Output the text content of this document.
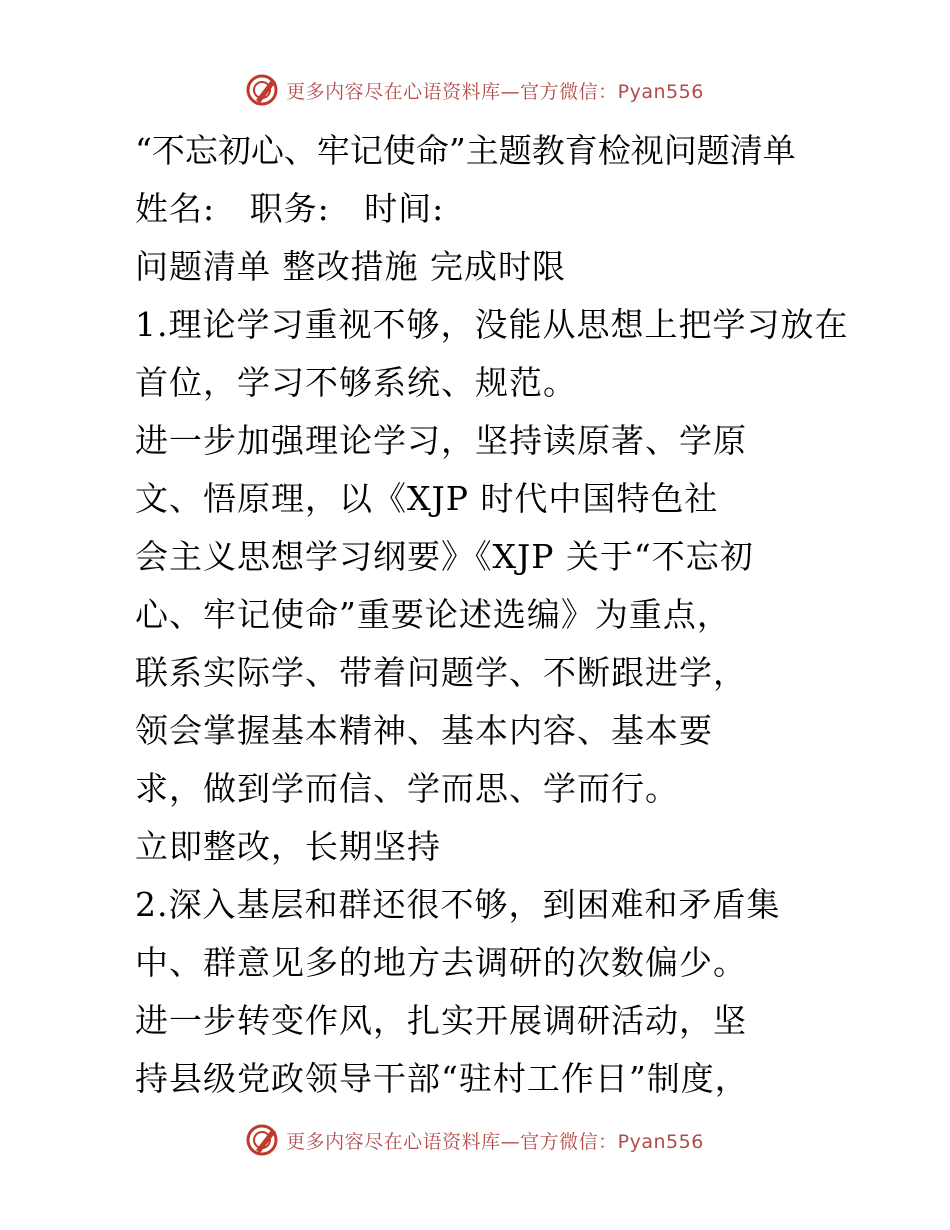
更多内容尽在心语资料库—官方微信：Pyan556
“不忘初心、牢记使命”主题教育检视问题清单
姓名:   职务:   时间:
问题清单 整改措施 完成时限
1.理论学习重视不够，没能从思想上把学习放在
首位，学习不够系统、规范。
进一步加强理论学习，坚持读原著、学原
文、悟原理，以《XJP 时代中国特色社
会主义思想学习纲要》《XJP 关于“不忘初
心、牢记使命”重要论述选编》为重点，
联系实际学、带着问题学、不断跟进学，
领会掌握基本精神、基本内容、基本要
求，做到学而信、学而思、学而行。
立即整改，长期坚持
2.深入基层和群还很不够，到困难和矛盾集
中、群意见多的地方去调研的次数偏少。
进一步转变作风，扎实开展调研活动，坚
持县级党政领导干部“驻村工作日”制度，
更多内容尽在心语资料库—官方微信：Pyan556
